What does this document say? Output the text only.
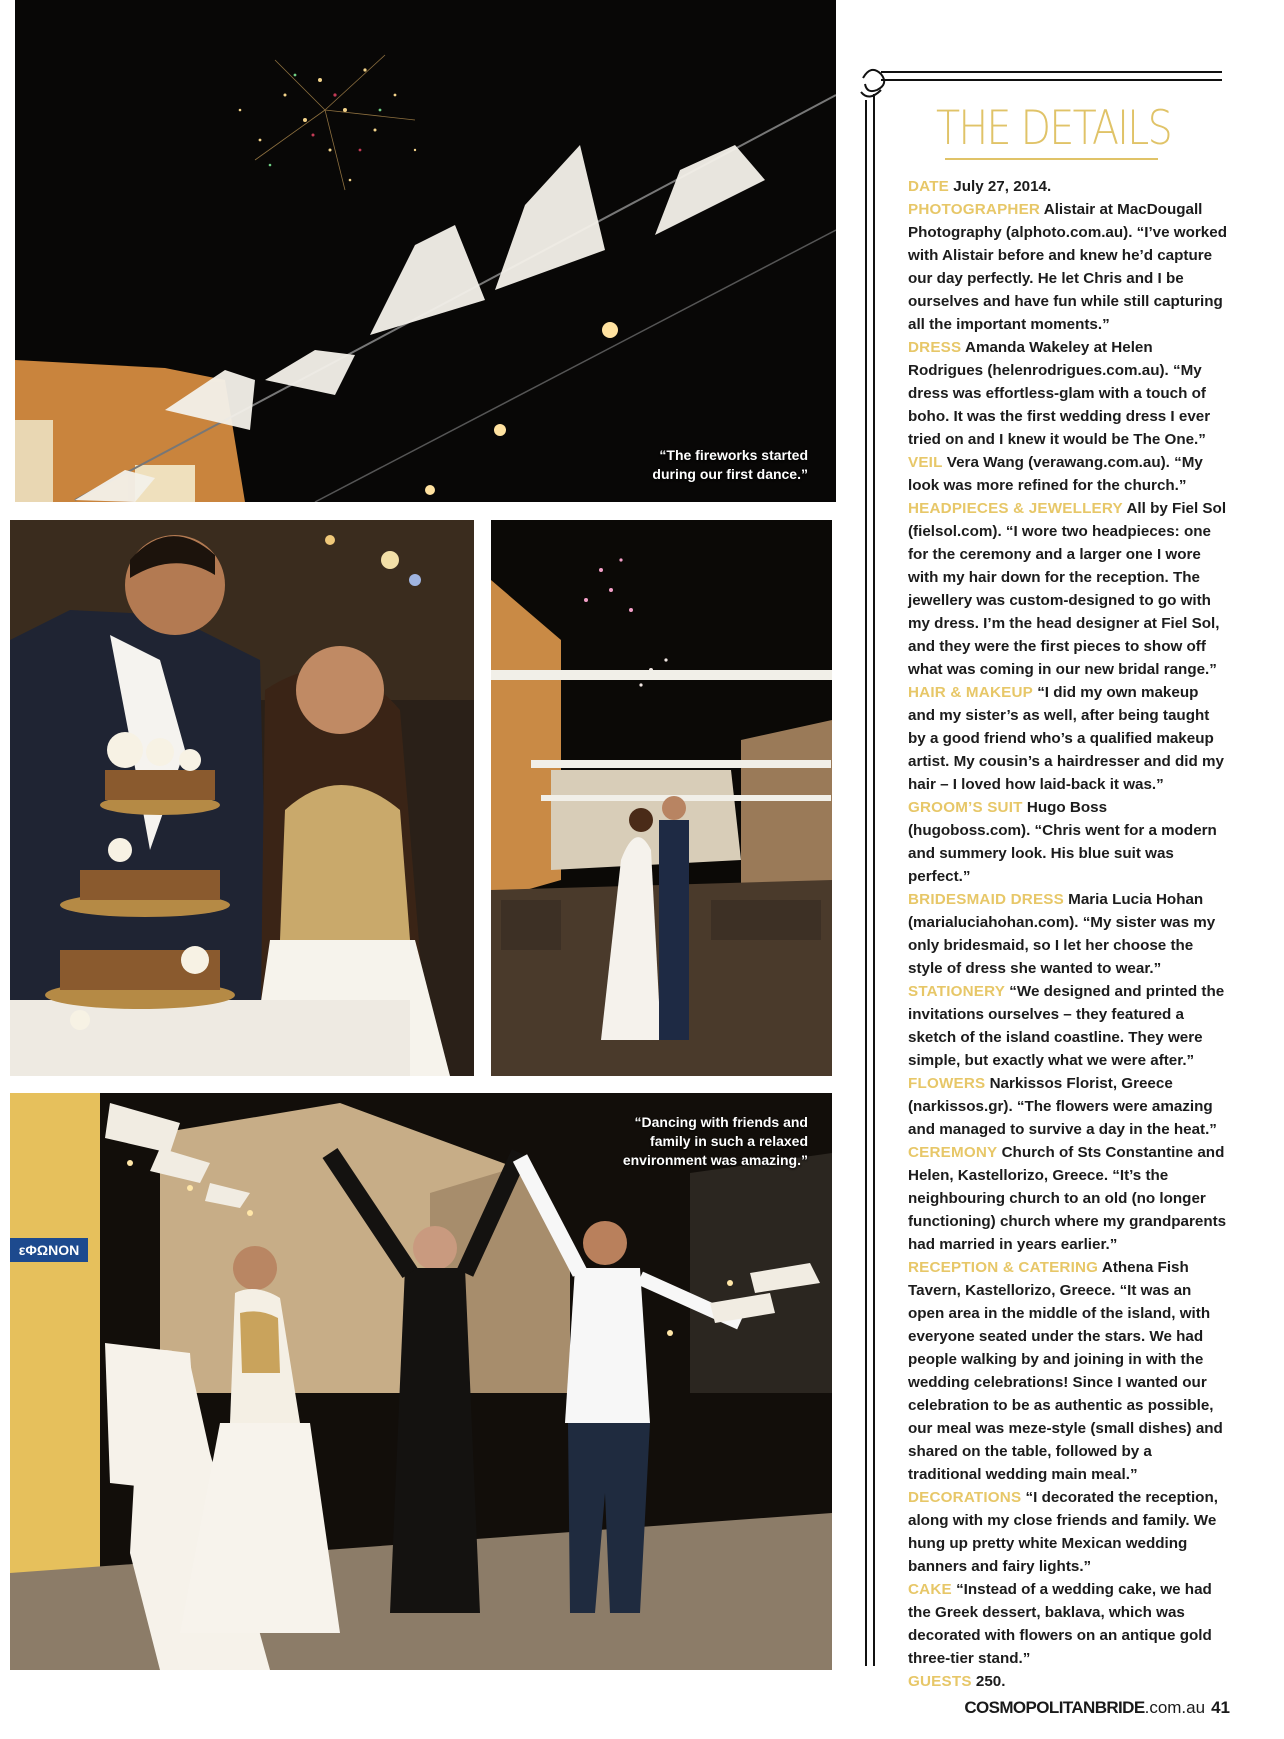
“The fireworks started
during our first dance.”
εΦΩΝΟΝ
“Dancing with friends and
family in such a relaxed
environment was amazing.”
THE DETAILS

DATE July 27, 2014.

PHOTOGRAPHER Alistair at MacDougall Photography (alphoto.com.au). “I’ve worked with Alistair before and knew he’d capture our day perfectly. He let Chris and I be ourselves and have fun while still capturing all the important moments.”

DRESS Amanda Wakeley at Helen Rodrigues (helenrodrigues.com.au). “My dress was effortless-glam with a touch of boho. It was the first wedding dress I ever tried on and I knew it would be The One.”

VEIL Vera Wang (verawang.com.au). “My look was more refined for the church.”

HEADPIECES & JEWELLERY All by Fiel Sol (fielsol.com). “I wore two headpieces: one for the ceremony and a larger one I wore with my hair down for the reception. The jewellery was custom-designed to go with my dress. I’m the head designer at Fiel Sol, and they were the first pieces to show off what was coming in our new bridal range.”

HAIR & MAKEUP “I did my own makeup and my sister’s as well, after being taught by a good friend who’s a qualified makeup artist. My cousin’s a hairdresser and did my hair – I loved how laid-back it was.”

GROOM’S SUIT Hugo Boss (hugoboss.com). “Chris went for a modern and summery look. His blue suit was perfect.”

BRIDESMAID DRESS Maria Lucia Hohan (marialuciahohan.com). “My sister was my only bridesmaid, so I let her choose the style of dress she wanted to wear.”

STATIONERY “We designed and printed the invitations ourselves – they featured a sketch of the island coastline. They were simple, but exactly what we were after.”

FLOWERS Narkissos Florist, Greece (narkissos.gr). “The flowers were amazing and managed to survive a day in the heat.”

CEREMONY Church of Sts Constantine and Helen, Kastellorizo, Greece. “It’s the neighbouring church to an old (no longer functioning) church where my grandparents had married in years earlier.”

RECEPTION & CATERING Athena Fish Tavern, Kastellorizo, Greece. “It was an open area in the middle of the island, with everyone seated under the stars. We had people walking by and joining in with the wedding celebrations! Since I wanted our celebration to be as authentic as possible, our meal was meze-style (small dishes) and shared on the table, followed by a traditional wedding main meal.”

DECORATIONS “I decorated the reception, along with my close friends and family. We hung up pretty white Mexican wedding banners and fairy lights.”

CAKE “Instead of a wedding cake, we had the Greek dessert, baklava, which was decorated with flowers on an antique gold three-tier stand.”

GUESTS 250.

COSMOPOLITANBRIDE.com.au 41
